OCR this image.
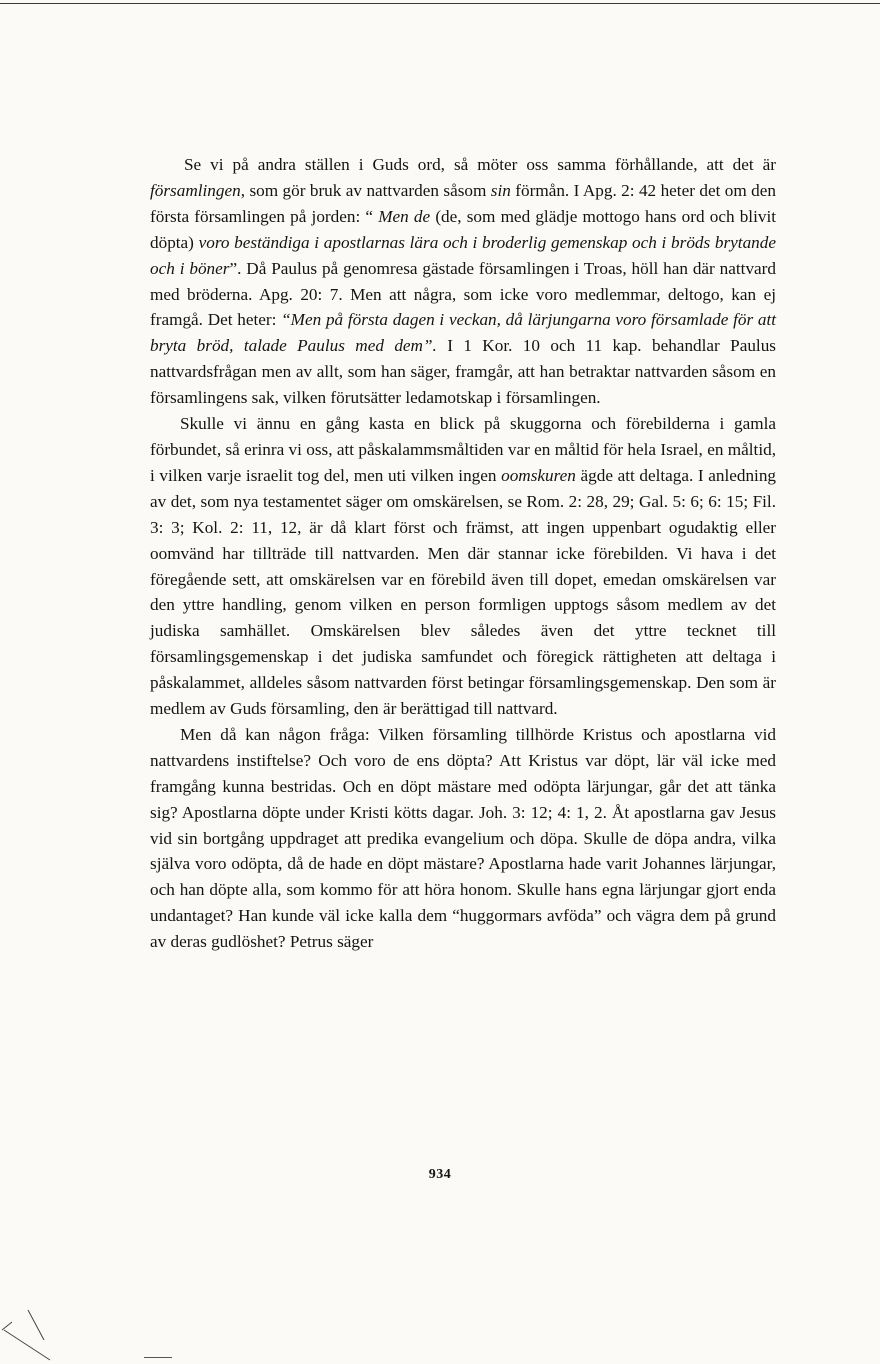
Se vi på andra ställen i Guds ord, så möter oss samma förhållande, att det är församlingen, som gör bruk av nattvarden såsom sin förmån. I Apg. 2: 42 heter det om den första församlingen på jorden: “ Men de (de, som med glädje mottogo hans ord och blivit döpta) voro beständiga i apostlarnas lära och i broderlig gemenskap och i bröds brytande och i böner”. Då Paulus på genomresa gästade församlingen i Troas, höll han där nattvard med bröderna. Apg. 20: 7. Men att några, som icke voro medlemmar, deltogo, kan ej framgå. Det heter: “Men på första dagen i veckan, då lärjungarna voro församlade för att bryta bröd, talade Paulus med dem”. I 1 Kor. 10 och 11 kap. behandlar Paulus nattvardsfrågan men av allt, som han säger, framgår, att han betraktar nattvarden såsom en församlingens sak, vilken förutsätter ledamotskap i församlingen.

Skulle vi ännu en gång kasta en blick på skuggorna och förebilderna i gamla förbundet, så erinra vi oss, att påskalammsmåltiden var en måltid för hela Israel, en måltid, i vilken varje israelit tog del, men uti vilken ingen oomskuren ägde att deltaga. I anledning av det, som nya testamentet säger om omskärelsen, se Rom. 2: 28, 29; Gal. 5: 6; 6: 15; Fil. 3: 3; Kol. 2: 11, 12, är då klart först och främst, att ingen uppenbart ogudaktig eller oomvänd har tillträde till nattvarden. Men där stannar icke förebilden. Vi hava i det föregående sett, att omskärelsen var en förebild även till dopet, emedan omskärelsen var den yttre handling, genom vilken en person formligen upptogs såsom medlem av det judiska samhället. Omskärelsen blev således även det yttre tecknet till församlingsgemenskap i det judiska samfundet och föregick rättigheten att deltaga i påskalammet, alldeles såsom nattvarden först betingar församlingsgemenskap. Den som är medlem av Guds församling, den är berättigad till nattvard.

Men då kan någon fråga: Vilken församling tillhörde Kristus och apostlarna vid nattvardens instiftelse? Och voro de ens döpta? Att Kristus var döpt, lär väl icke med framgång kunna bestridas. Och en döpt mästare med odöpta lärjungar, går det att tänka sig? Apostlarna döpte under Kristi kötts dagar. Joh. 3: 12; 4: 1, 2. Åt apostlarna gav Jesus vid sin bortgång uppdraget att predika evangelium och döpa. Skulle de döpa andra, vilka själva voro odöpta, då de hade en döpt mästare? Apostlarna hade varit Johannes lärjungar, och han döpte alla, som kommo för att höra honom. Skulle hans egna lärjungar gjort enda undantaget? Han kunde väl icke kalla dem “huggormars avföda” och vägra dem på grund av deras gudlöshet? Petrus säger

934
